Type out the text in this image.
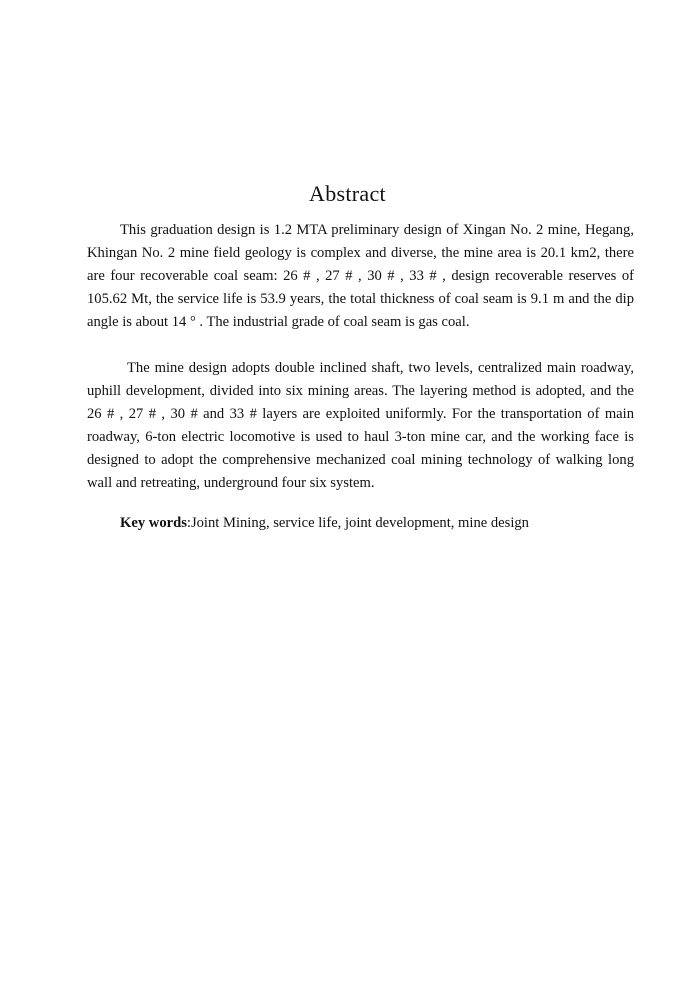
Abstract

This graduation design is 1.2 MTA preliminary design of Xingan No. 2 mine, Hegang, Khingan No. 2 mine field geology is complex and diverse, the mine area is 20.1 km2, there are four recoverable coal seam: 26 # , 27 # , 30 # , 33 # , design recoverable reserves of 105.62 Mt, the service life is 53.9 years, the total thickness of coal seam is 9.1 m and the dip angle is about 14 ° . The industrial grade of coal seam is gas coal.

The mine design adopts double inclined shaft, two levels, centralized main roadway, uphill development, divided into six mining areas. The layering method is adopted, and the 26 # , 27 # , 30 # and 33 # layers are exploited uniformly. For the transportation of main roadway, 6-ton electric locomotive is used to haul 3-ton mine car, and the working face is designed to adopt the comprehensive mechanized coal mining technology of walking long wall and retreating, underground four six system.

Key words:Joint Mining, service life, joint development, mine design
